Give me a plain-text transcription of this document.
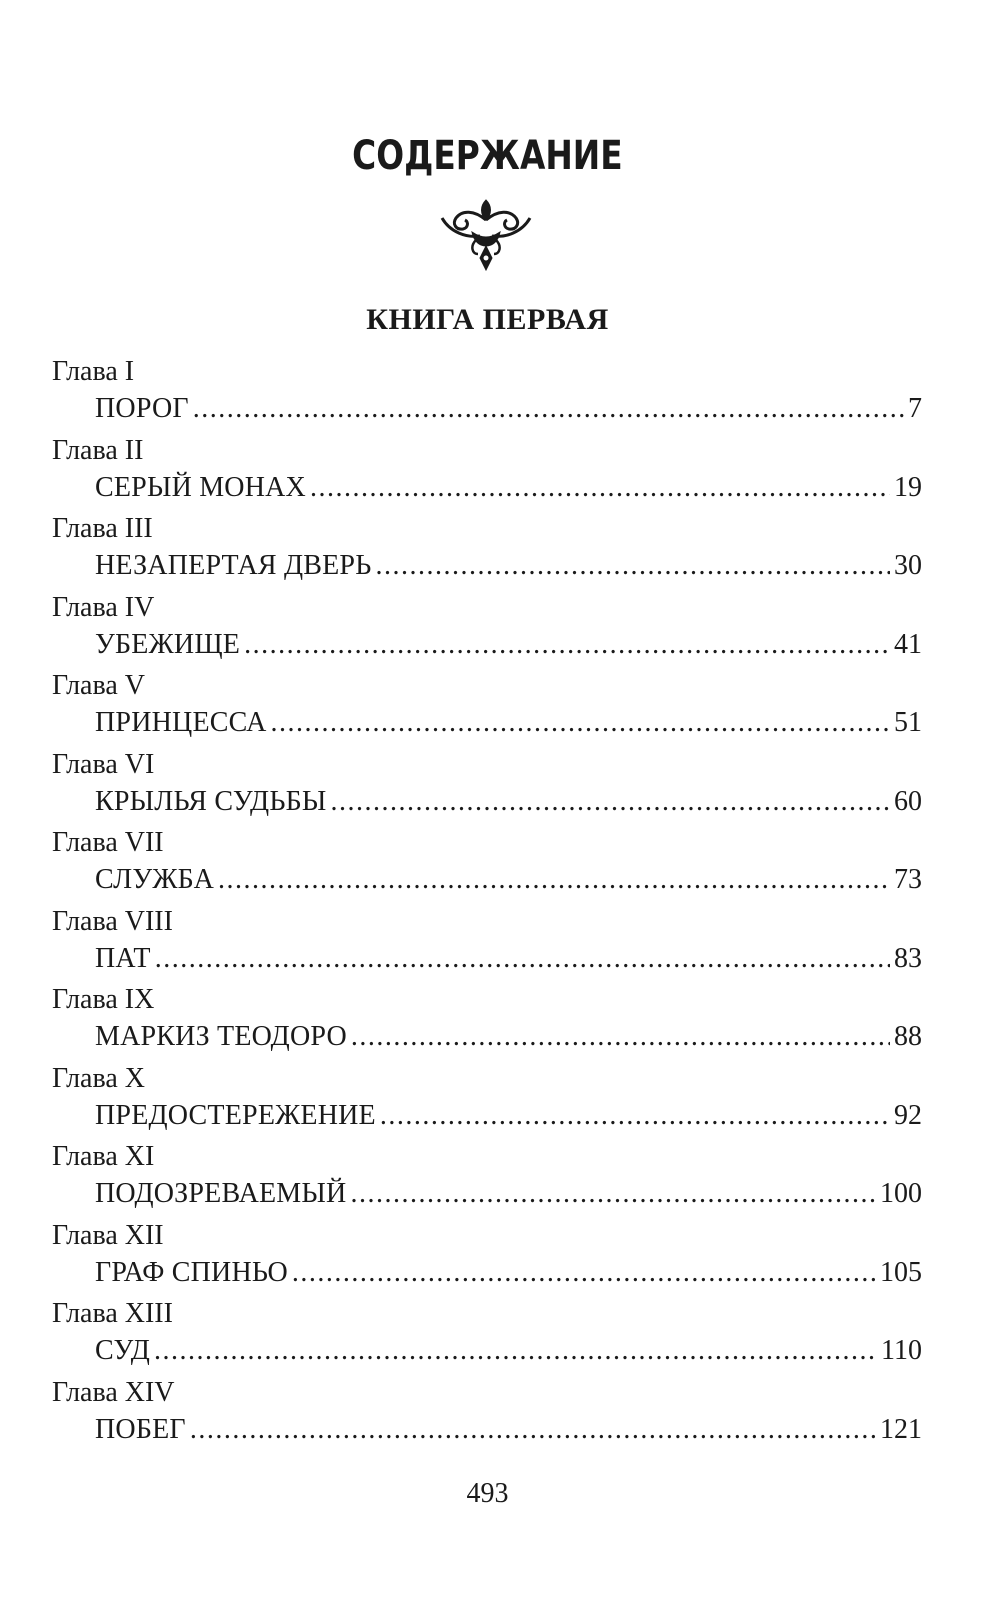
СОДЕРЖАНИЕ
КНИГА ПЕРВАЯ
Глава I
ПОРОГ .....	7
Глава II
СЕРЫЙ МОНАХ .....	19
Глава III
НЕЗАПЕРТАЯ ДВЕРЬ .....	30
Глава IV
УБЕЖИЩЕ .....	41
Глава V
ПРИНЦЕССА .....	51
Глава VI
КРЫЛЬЯ СУДЬБЫ .....	60
Глава VII
СЛУЖБА .....	73
Глава VIII
ПАТ .....	83
Глава IX
МАРКИЗ ТЕОДОРО .....	88
Глава X
ПРЕДОСТЕРЕЖЕНИЕ .....	92
Глава XI
ПОДОЗРЕВАЕМЫЙ .....	100
Глава XII
ГРАФ СПИНЬО .....	105
Глава XIII
СУД .....	110
Глава XIV
ПОБЕГ .....	121
493
